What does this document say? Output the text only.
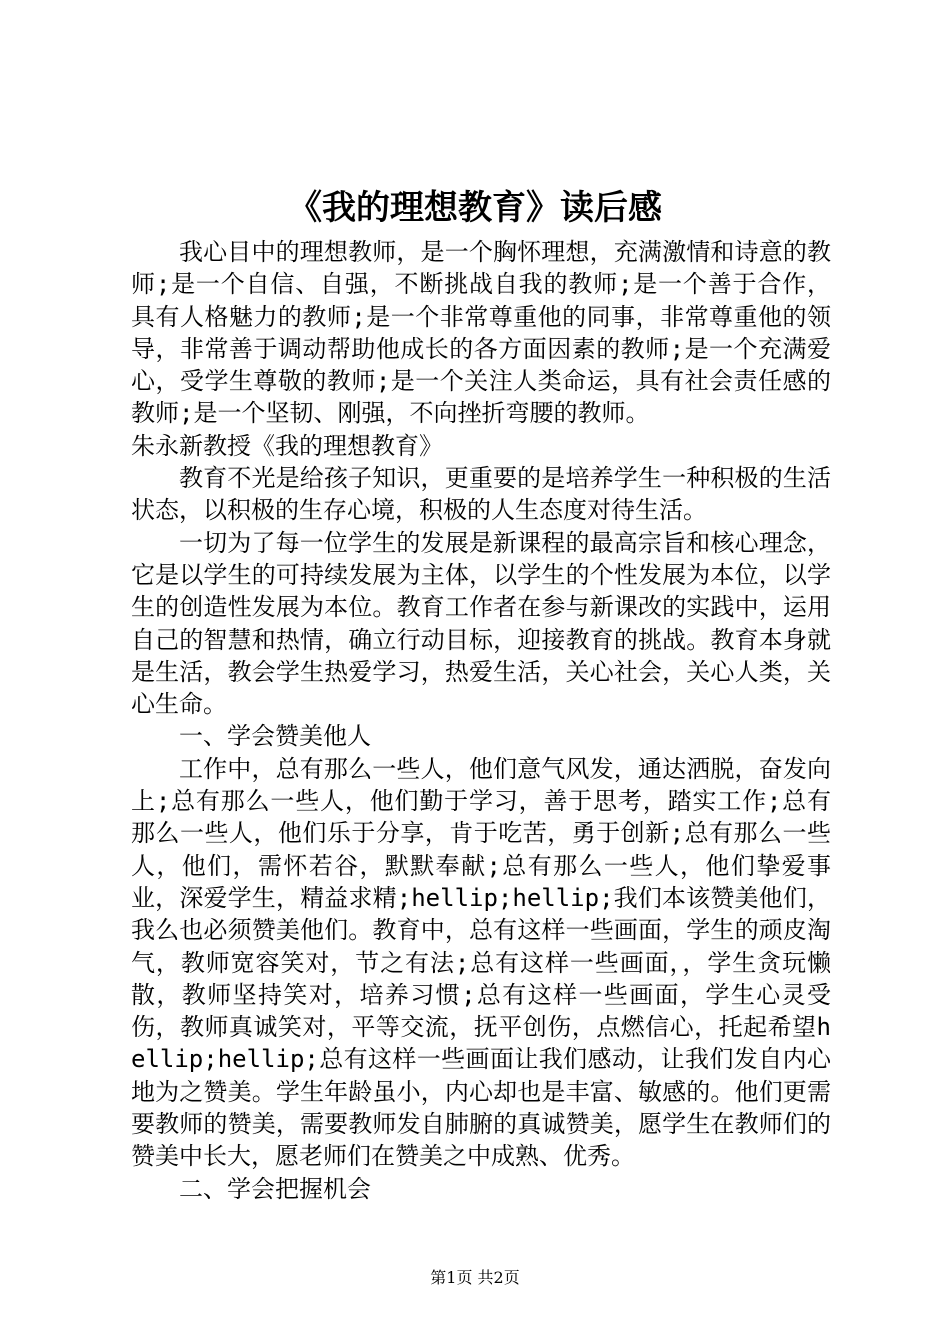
《我的理想教育》读后感

我心目中的理想教师，是一个胸怀理想，充满激情和诗意的教师;是一个自信、自强，不断挑战自我的教师;是一个善于合作，具有人格魅力的教师;是一个非常尊重他的同事，非常尊重他的领导，非常善于调动帮助他成长的各方面因素的教师;是一个充满爱心，受学生尊敬的教师;是一个关注人类命运，具有社会责任感的教师;是一个坚韧、刚强，不向挫折弯腰的教师。

朱永新教授《我的理想教育》

教育不光是给孩子知识，更重要的是培养学生一种积极的生活状态，以积极的生存心境，积极的人生态度对待生活。

一切为了每一位学生的发展是新课程的最高宗旨和核心理念，它是以学生的可持续发展为主体，以学生的个性发展为本位，以学生的创造性发展为本位。教育工作者在参与新课改的实践中，运用自己的智慧和热情，确立行动目标，迎接教育的挑战。教育本身就是生活，教会学生热爱学习，热爱生活，关心社会，关心人类，关心生命。

一、学会赞美他人

工作中，总有那么一些人，他们意气风发，通达洒脱，奋发向上;总有那么一些人，他们勤于学习，善于思考，踏实工作;总有那么一些人，他们乐于分享，肯于吃苦，勇于创新;总有那么一些人，他们，需怀若谷，默默奉献;总有那么一些人，他们挚爱事业，深爱学生，精益求精;hellip;hellip;我们本该赞美他们，我么也必须赞美他们。教育中，总有这样一些画面，学生的顽皮淘气，教师宽容笑对，节之有法;总有这样一些画面，，学生贪玩懒散，教师坚持笑对，培养习惯;总有这样一些画面，学生心灵受伤，教师真诚笑对，平等交流，抚平创伤，点燃信心，托起希望hellip;hellip;总有这样一些画面让我们感动，让我们发自内心地为之赞美。学生年龄虽小，内心却也是丰富、敏感的。他们更需要教师的赞美，需要教师发自肺腑的真诚赞美，愿学生在教师们的赞美中长大，愿老师们在赞美之中成熟、优秀。

二、学会把握机会

第1页 共2页
